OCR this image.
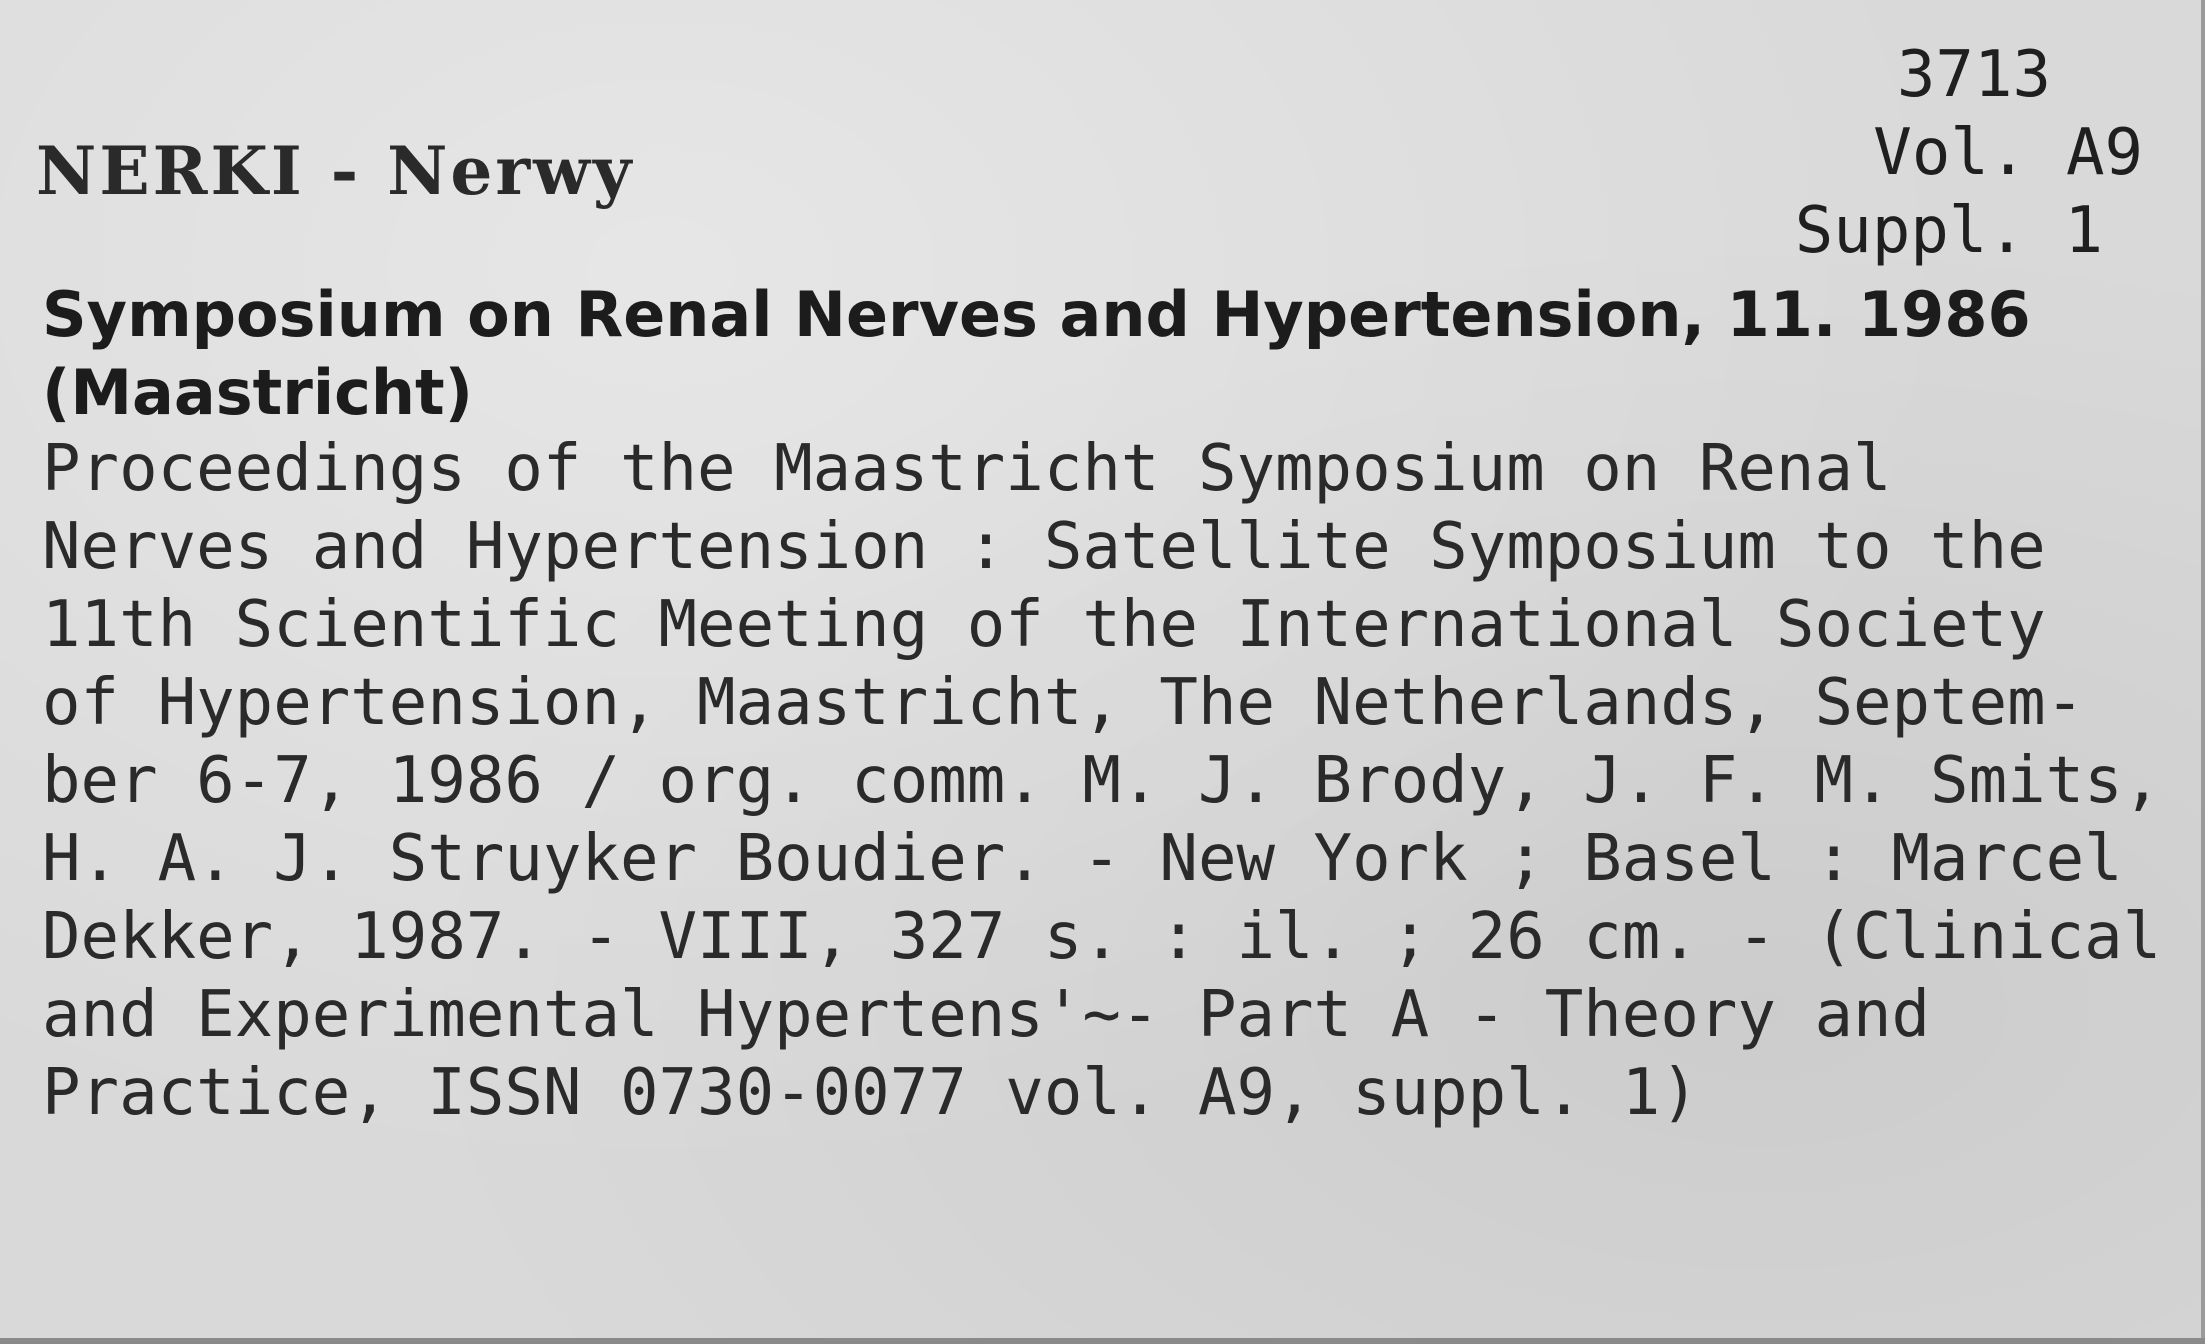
NERKI - Nerwy
3713
Vol. A9
Suppl. 1
Symposium on Renal Nerves and Hypertension, 11. 1986
(Maastricht)
Proceedings of the Maastricht Symposium on Renal
Nerves and Hypertension : Satellite Symposium to the
11th Scientific Meeting of the International Society
of Hypertension, Maastricht, The Netherlands, Septem-
ber 6-7, 1986 / org. comm. M. J. Brody, J. F. M. Smits,
H. A. J. Struyker Boudier. - New York ; Basel : Marcel
Dekker, 1987. - VIII, 327 s. : il. ; 26 cm. - (Clinical
and Experimental Hypertens'~- Part A - Theory and
Practice, ISSN 0730-0077 vol. A9, suppl. 1)
